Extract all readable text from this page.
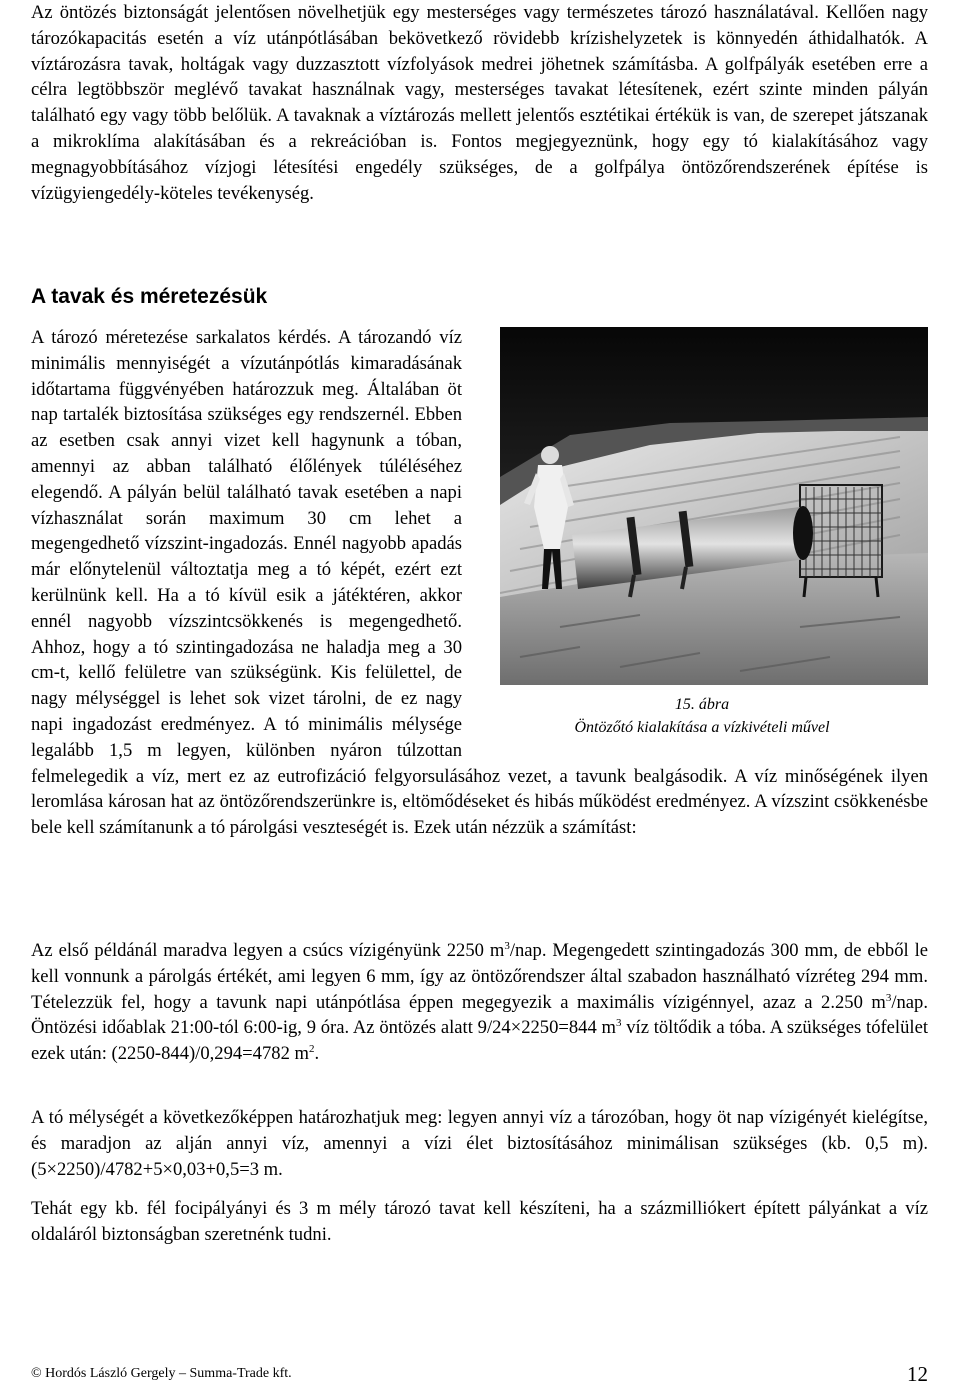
Az öntözés biztonságát jelentősen növelhetjük egy mesterséges vagy természetes tározó használatával. Kellően nagy tározókapacitás esetén a víz utánpótlásában bekövetkező rövidebb krízishelyzetek is könnyedén áthidalhatók. A víztározásra tavak, holtágak vagy duzzasztott vízfolyások medrei jöhetnek számításba. A golfpályák esetében erre a célra legtöbbször meglévő tavakat használnak vagy, mesterséges tavakat létesítenek, ezért szinte minden pályán található egy vagy több belőlük. A tavaknak a víztározás mellett jelentős esztétikai értékük is van, de szerepet játszanak a mikroklíma alakításában és a rekreációban is. Fontos megjegyeznünk, hogy egy tó kialakításához vagy megnagyobbításához vízjogi létesítési engedély szükséges, de a golfpálya öntözőrendszerének építése is vízügyiengedély-köteles tevékenység.

A tavak és méretezésük
15. ábra
Öntözőtó kialakítása a vízkivételi művel

A tározó méretezése sarkalatos kérdés. A tározandó víz minimális mennyiségét a vízutánpótlás kimaradásának időtartama függvényében határozzuk meg. Általában öt nap tartalék biztosítása szükséges egy rendszernél. Ebben az esetben csak annyi vizet kell hagynunk a tóban, amennyi az abban található élőlények túléléséhez elegendő. A pályán belül található tavak esetében a napi vízhasználat során maximum 30 cm lehet a megengedhető vízszint-ingadozás. Ennél nagyobb apadás már előnytelenül változtatja meg a tó képét, ezért ezt kerülnünk kell. Ha a tó kívül esik a játéktéren, akkor ennél nagyobb vízszintcsökkenés is megengedhető. Ahhoz, hogy a tó szintingadozása ne haladja meg a 30 cm-t, kellő felületre van szükségünk. Kis felülettel, de nagy mélységgel is lehet sok vizet tárolni, de ez nagy napi ingadozást eredményez. A tó minimális mélysége legalább 1,5 m legyen, különben nyáron túlzottan felmelegedik a víz, mert ez az eutrofizáció felgyorsulásához vezet, a tavunk bealgásodik. A víz minőségének ilyen leromlása károsan hat az öntözőrendszerünkre is, eltömődéseket és hibás működést eredményez. A vízszint csökkenésbe bele kell számítanunk a tó párolgási veszteségét is. Ezek után nézzük a számítást:

Az első példánál maradva legyen a csúcs vízigényünk 2250 $m^3$/nap. Megengedett szintingadozás 300 mm, de ebből le kell vonnunk a párolgás értékét, ami legyen 6 mm, így az öntözőrendszer által szabadon használható vízréteg 294 mm. Tételezzük fel, hogy a tavunk napi utánpótlása éppen megegyezik a maximális vízigénnyel, azaz a 2.250 $m^3$/nap. Öntözési időablak 21:00-tól 6:00-ig, 9 óra. Az öntözés alatt 9/24×2250=844 $m^3$ víz töltődik a tóba. A szükséges tófelület ezek után: (2250-844)/0,294=4782 $m^2$.

A tó mélységét a következőképpen határozhatjuk meg: legyen annyi víz a tározóban, hogy öt nap vízigényét kielégítse, és maradjon az alján annyi víz, amennyi a vízi élet biztosításához minimálisan szükséges (kb. 0,5 m). (5×2250)/4782+5×0,03+0,5=3 m.

Tehát egy kb. fél focipályányi és 3 m mély tározó tavat kell készíteni, ha a százmilliókert épített pályánkat a víz oldaláról biztonságban szeretnénk tudni.

© Hordós László Gergely – Summa-Trade kft.	12
